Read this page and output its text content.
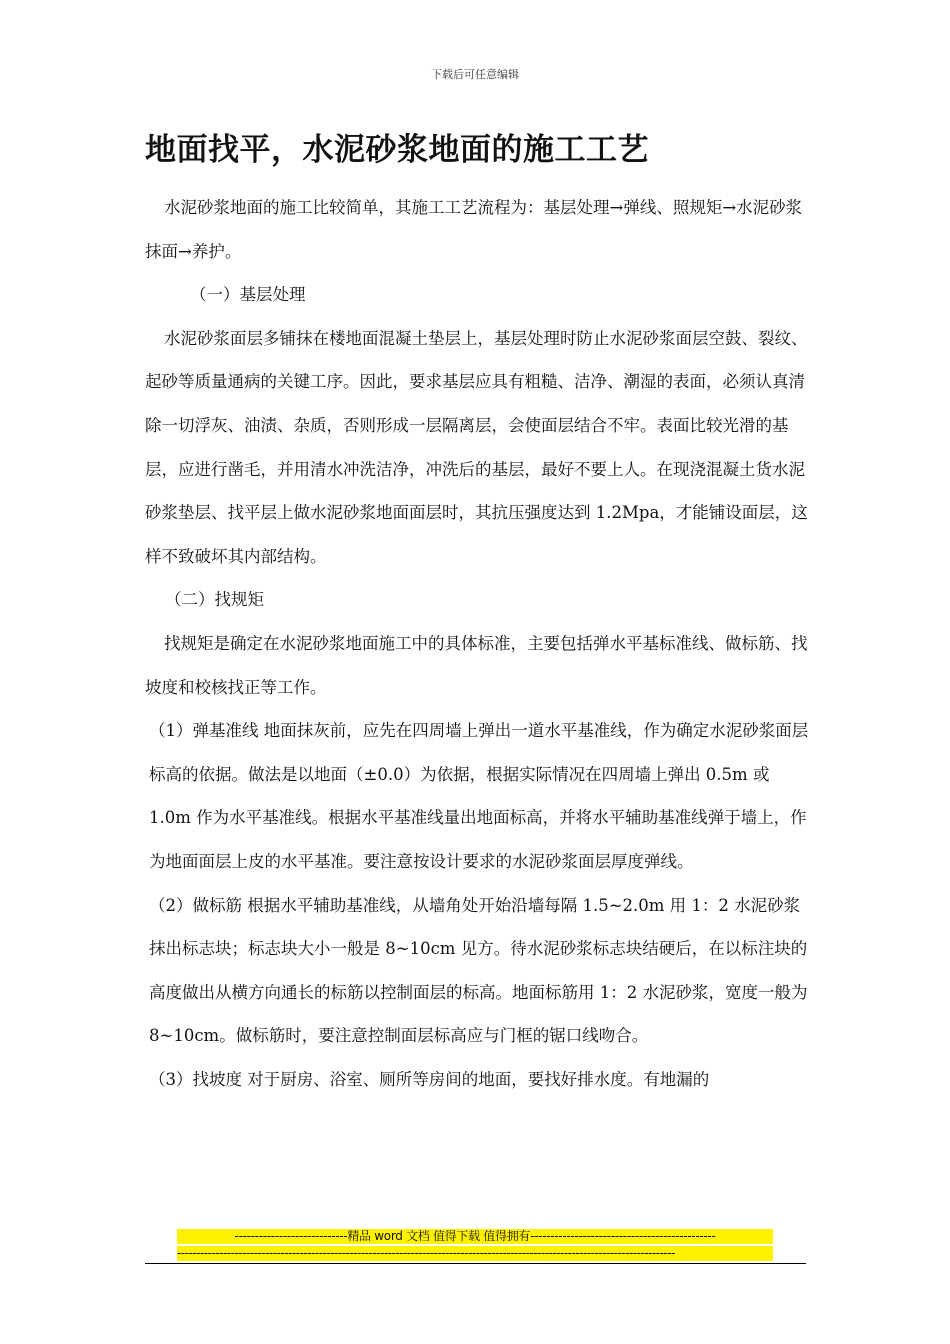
下载后可任意编辑
地面找平，水泥砂浆地面的施工工艺

水泥砂浆地面的施工比较简单，其施工工艺流程为：基层处理→弹线、照规矩→水泥砂浆抹面→养护。

（一）基层处理

水泥砂浆面层多铺抹在楼地面混凝土垫层上，基层处理时防止水泥砂浆面层空鼓、裂纹、起砂等质量通病的关键工序。因此，要求基层应具有粗糙、洁净、潮湿的表面，必须认真清除一切浮灰、油渍、杂质，否则形成一层隔离层，会使面层结合不牢。表面比较光滑的基层，应进行凿毛，并用清水冲洗洁净，冲洗后的基层，最好不要上人。在现浇混凝土货水泥砂浆垫层、找平层上做水泥砂浆地面面层时，其抗压强度达到 1.2Mpa，才能铺设面层，这样不致破坏其内部结构。

（二）找规矩

找规矩是确定在水泥砂浆地面施工中的具体标准，主要包括弹水平基标准线、做标筋、找坡度和校核找正等工作。

（1）弹基准线 地面抹灰前，应先在四周墙上弹出一道水平基准线，作为确定水泥砂浆面层标高的依据。做法是以地面（±0.0）为依据，根据实际情况在四周墙上弹出 0.5m 或 1.0m 作为水平基准线。根据水平基准线量出地面标高，并将水平辅助基准线弹于墙上，作为地面面层上皮的水平基准。要注意按设计要求的水泥砂浆面层厚度弹线。

（2）做标筋 根据水平辅助基准线，从墙角处开始沿墙每隔 1.5~2.0m 用 1：2 水泥砂浆抹出标志块；标志块大小一般是 8~10cm 见方。待水泥砂浆标志块结硬后，在以标注块的高度做出从横方向通长的标筋以控制面层的标高。地面标筋用 1：2 水泥砂浆，宽度一般为 8~10cm。做标筋时，要注意控制面层标高应与门框的锯口线吻合。

（3）找坡度 对于厨房、浴室、厕所等房间的地面，要找好排水度。有地漏的

----------------------------精品 word 文档 值得下载 值得拥有----------------------------------------------
----------------------------------------------------------------------------------------------------------------------------------
